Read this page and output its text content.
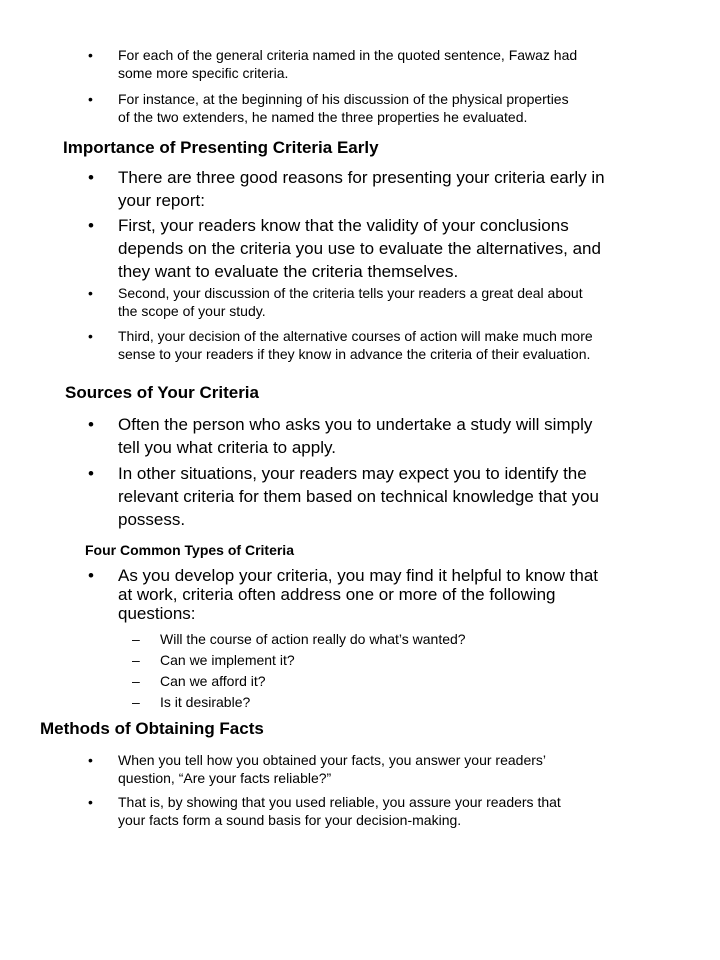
• For each of the general criteria named in the quoted sentence, Fawaz had
some more specific criteria.
• For instance, at the beginning of his discussion of the physical properties
of the two extenders, he named the three properties he evaluated.
Importance of Presenting Criteria Early
• There are three good reasons for presenting your criteria early in
your report:
• First, your readers know that the validity of your conclusions
depends on the criteria you use to evaluate the alternatives, and
they want to evaluate the criteria themselves.
• Second, your discussion of the criteria tells your readers a great deal about
the scope of your study.
• Third, your decision of the alternative courses of action will make much more
sense to your readers if they know in advance the criteria of their evaluation.
Sources of Your Criteria
• Often the person who asks you to undertake a study will simply
tell you what criteria to apply.
• In other situations, your readers may expect you to identify the
relevant criteria for them based on technical knowledge that you
possess.
Four Common Types of Criteria
• As you develop your criteria, you may find it helpful to know that
at work, criteria often address one or more of the following
questions:
– Will the course of action really do what’s wanted?
– Can we implement it?
– Can we afford it?
– Is it desirable?
Methods of Obtaining Facts
• When you tell how you obtained your facts, you answer your readers’
question, “Are your facts reliable?”
• That is, by showing that you used reliable, you assure your readers that
your facts form a sound basis for your decision-making.
